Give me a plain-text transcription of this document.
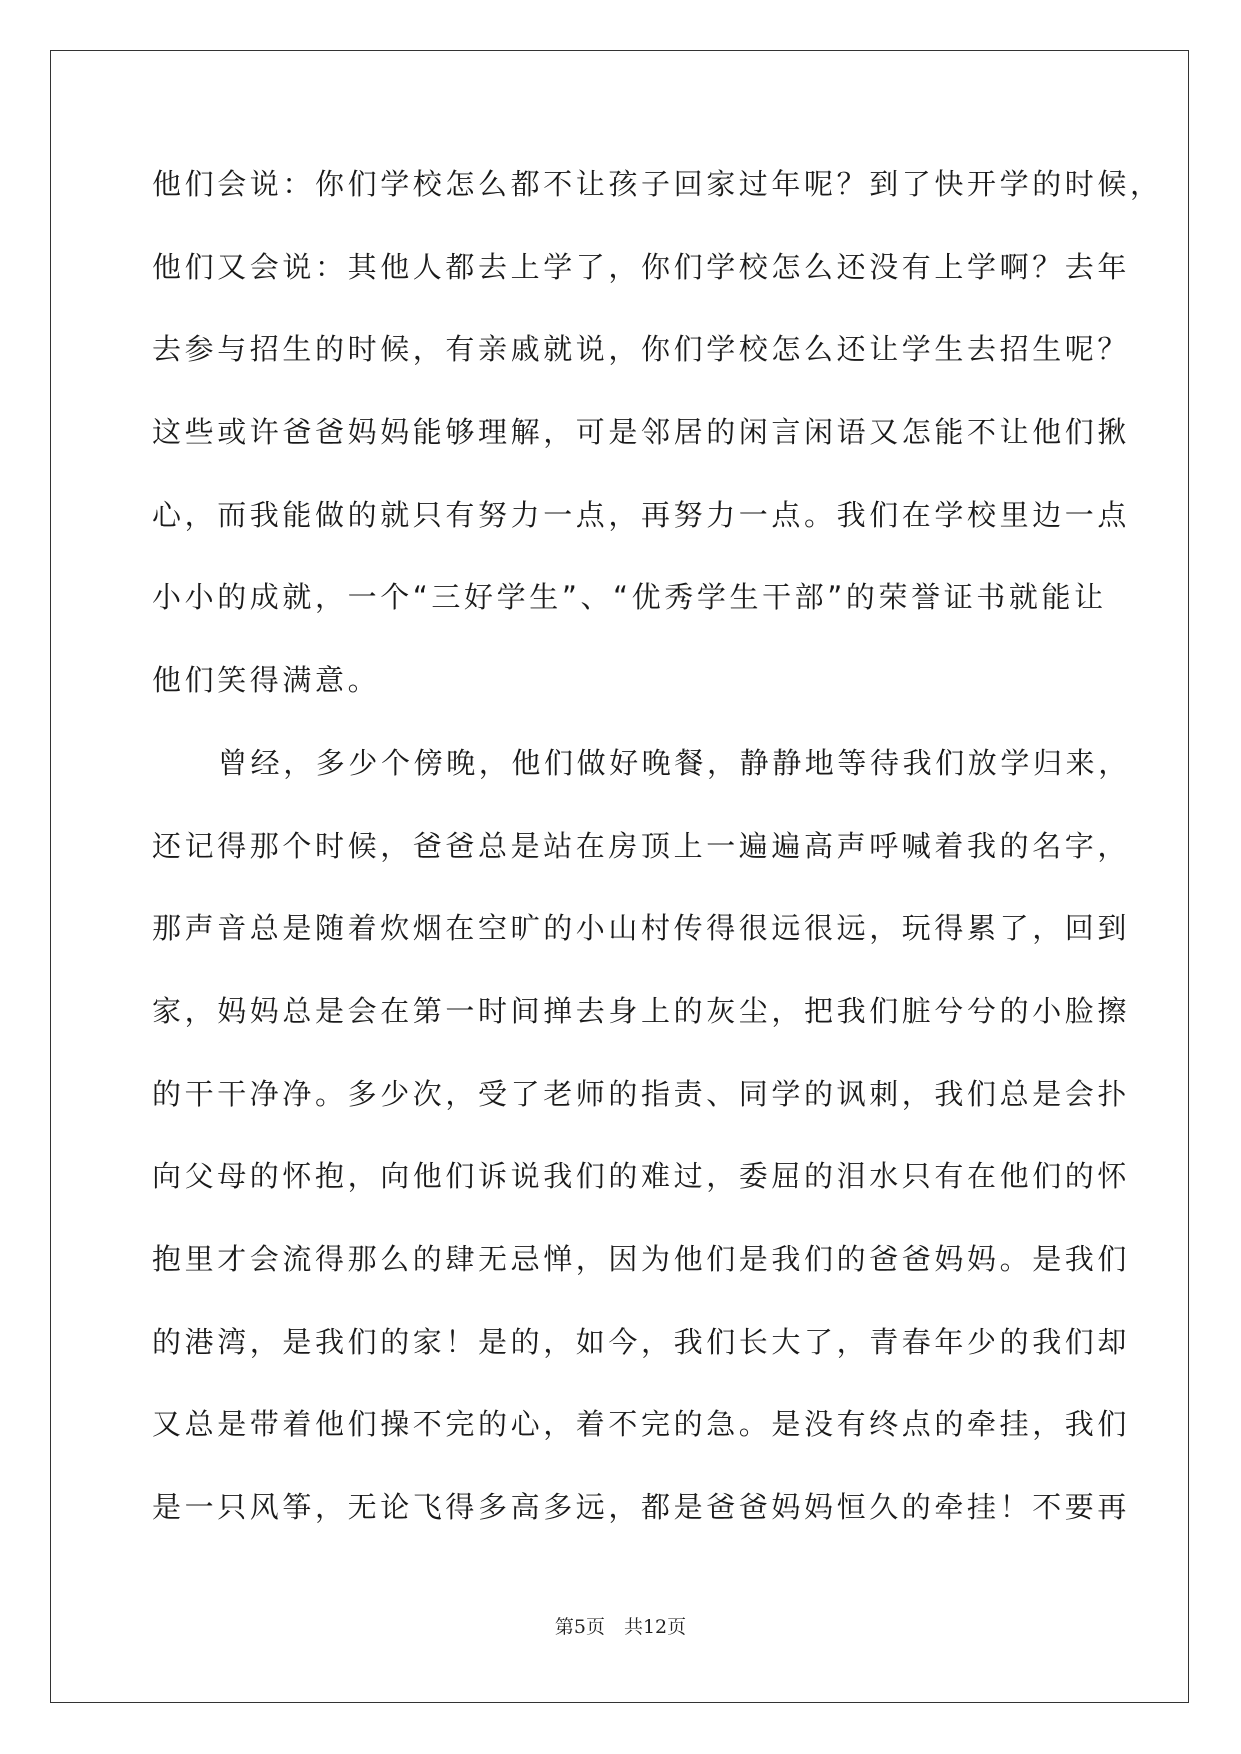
他们会说：你们学校怎么都不让孩子回家过年呢？到了快开学的时候，
他们又会说：其他人都去上学了，你们学校怎么还没有上学啊？去年
去参与招生的时候，有亲戚就说，你们学校怎么还让学生去招生呢？
这些或许爸爸妈妈能够理解，可是邻居的闲言闲语又怎能不让他们揪
心，而我能做的就只有努力一点，再努力一点。我们在学校里边一点
小小的成就，一个“三好学生”、“优秀学生干部”的荣誉证书就能让
他们笑得满意。
曾经，多少个傍晚，他们做好晚餐，静静地等待我们放学归来，
还记得那个时候，爸爸总是站在房顶上一遍遍高声呼喊着我的名字，
那声音总是随着炊烟在空旷的小山村传得很远很远，玩得累了，回到
家，妈妈总是会在第一时间掸去身上的灰尘，把我们脏兮兮的小脸擦
的干干净净。多少次，受了老师的指责、同学的讽刺，我们总是会扑
向父母的怀抱，向他们诉说我们的难过，委屈的泪水只有在他们的怀
抱里才会流得那么的肆无忌惮，因为他们是我们的爸爸妈妈。是我们
的港湾，是我们的家！是的，如今，我们长大了，青春年少的我们却
又总是带着他们操不完的心，着不完的急。是没有终点的牵挂，我们
是一只风筝，无论飞得多高多远，都是爸爸妈妈恒久的牵挂！不要再
第5页　共12页
